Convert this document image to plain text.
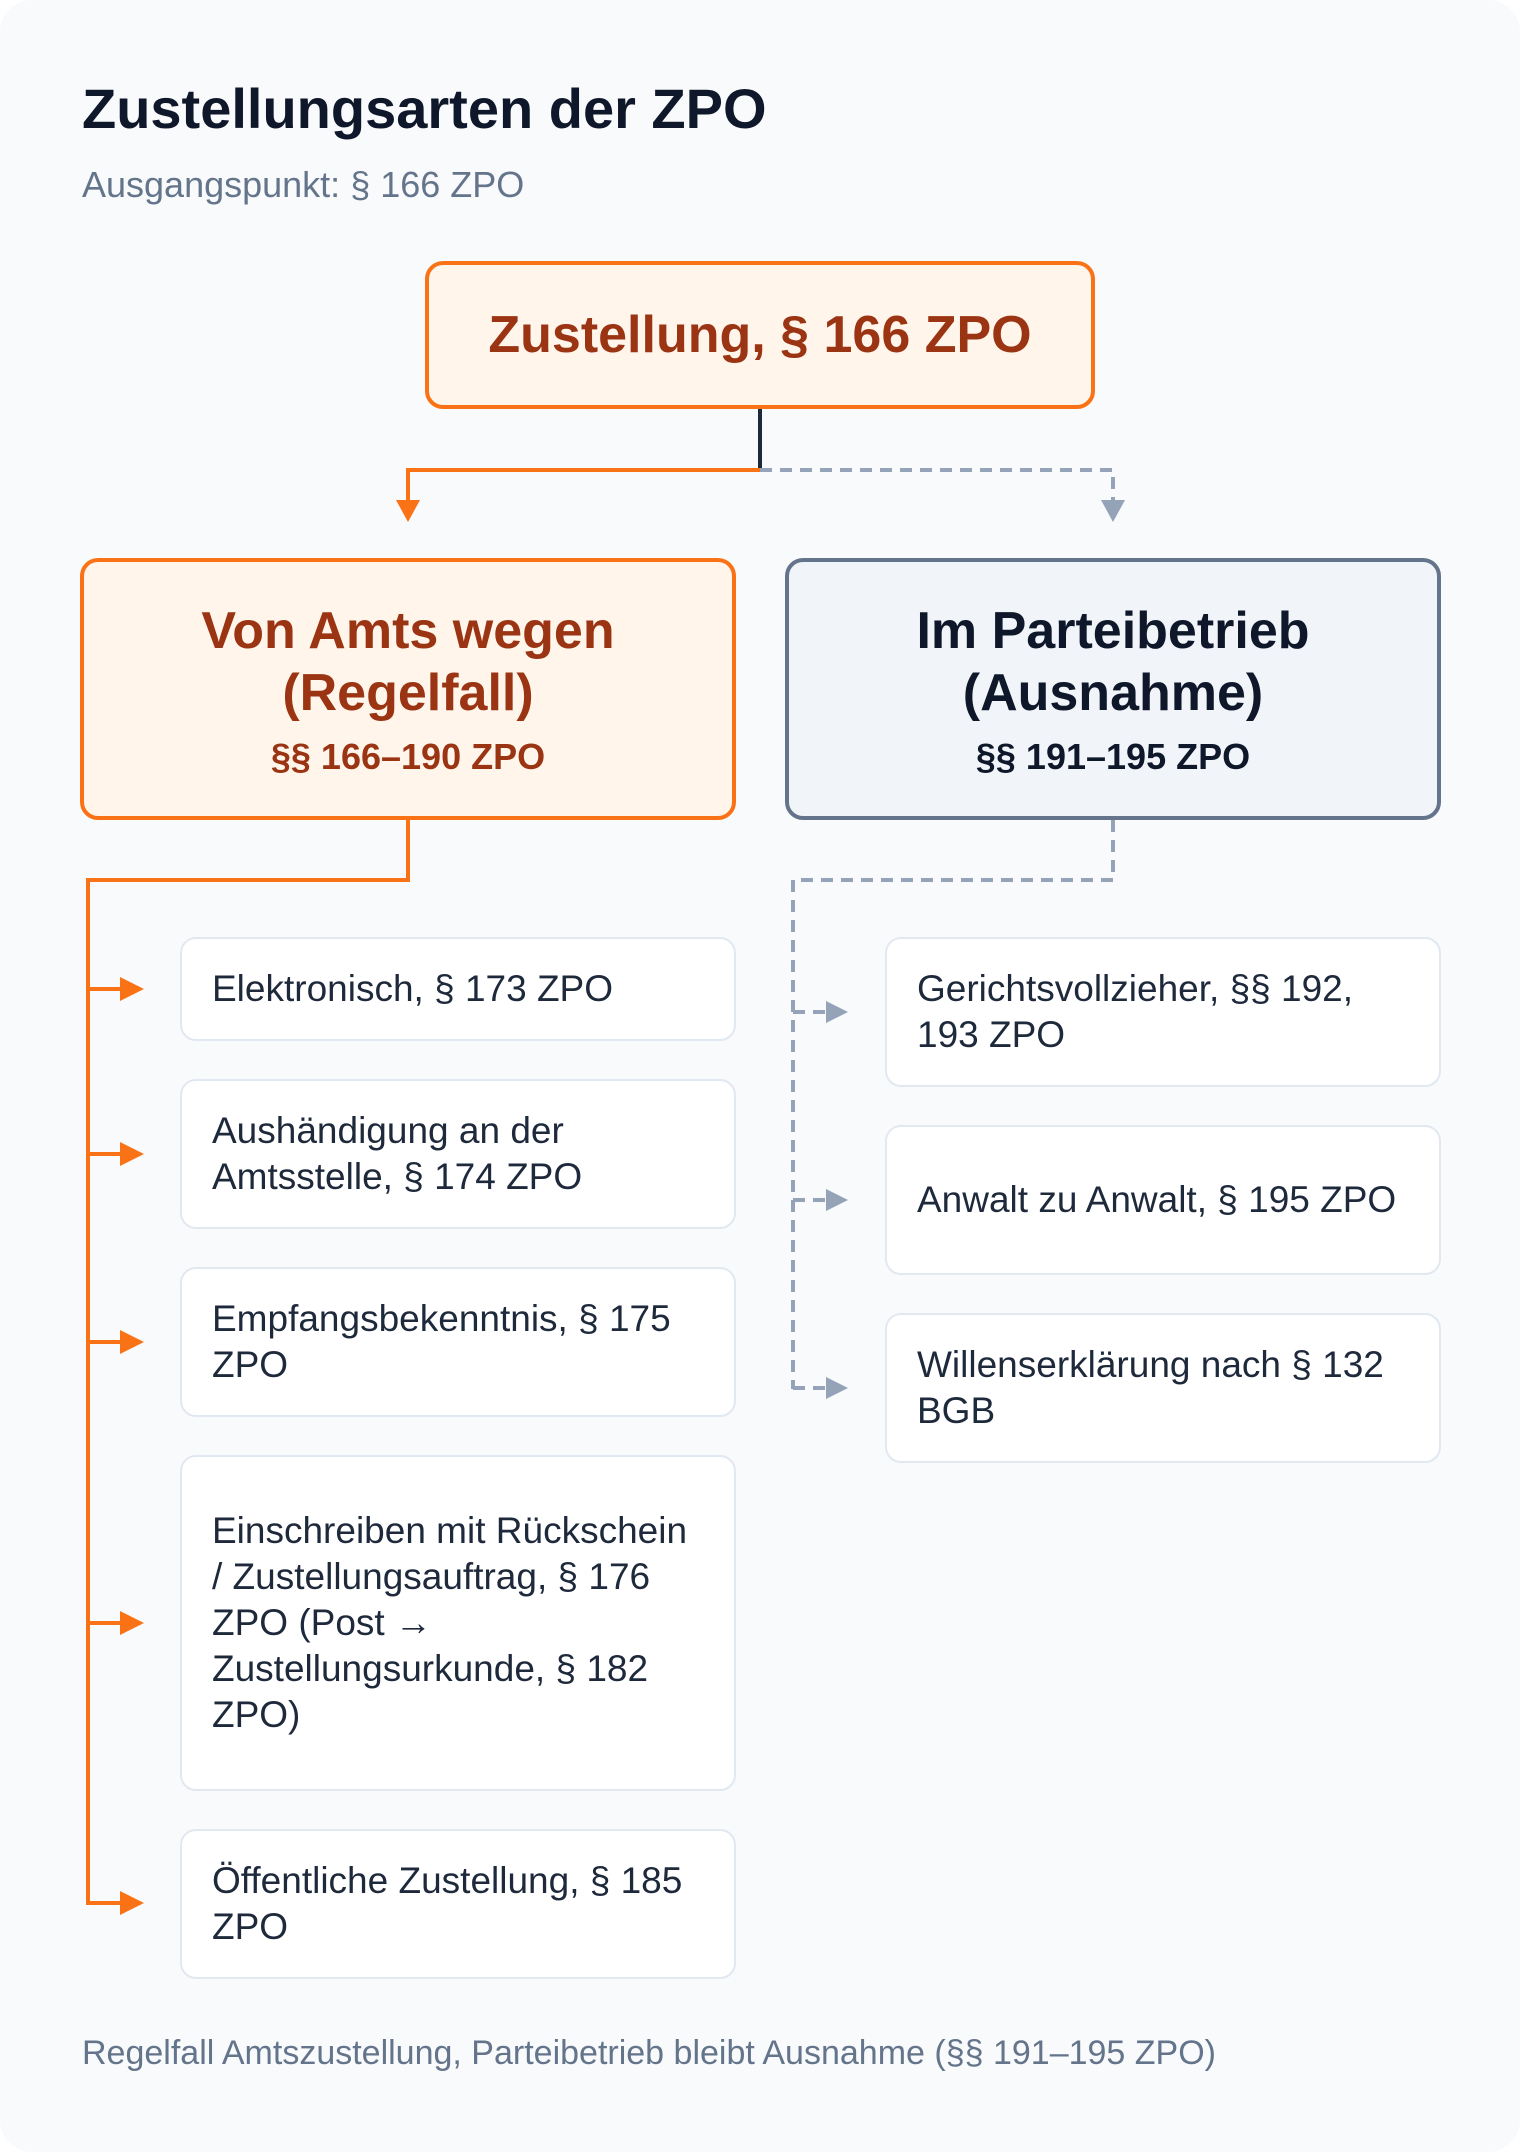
Zustellungsarten der ZPO
Ausgangspunkt: § 166 ZPO
Zustellung, § 166 ZPO
Von Amts wegen (Regelfall)
§§ 166–190 ZPO
Im Parteibetrieb (Ausnahme)
§§ 191–195 ZPO
Elektronisch, § 173 ZPO
Aushändigung an der Amtsstelle, § 174 ZPO
Empfangsbekenntnis, § 175 ZPO
Einschreiben mit Rückschein / Zustellungsauftrag, § 176 ZPO (Post → Zustellungsurkunde, § 182 ZPO)
Öffentliche Zustellung, § 185 ZPO
Gerichtsvollzieher, §§ 192, 193 ZPO
Anwalt zu Anwalt, § 195 ZPO
Willenserklärung nach § 132 BGB
Regelfall Amtszustellung, Parteibetrieb bleibt Ausnahme (§§ 191–195 ZPO)
